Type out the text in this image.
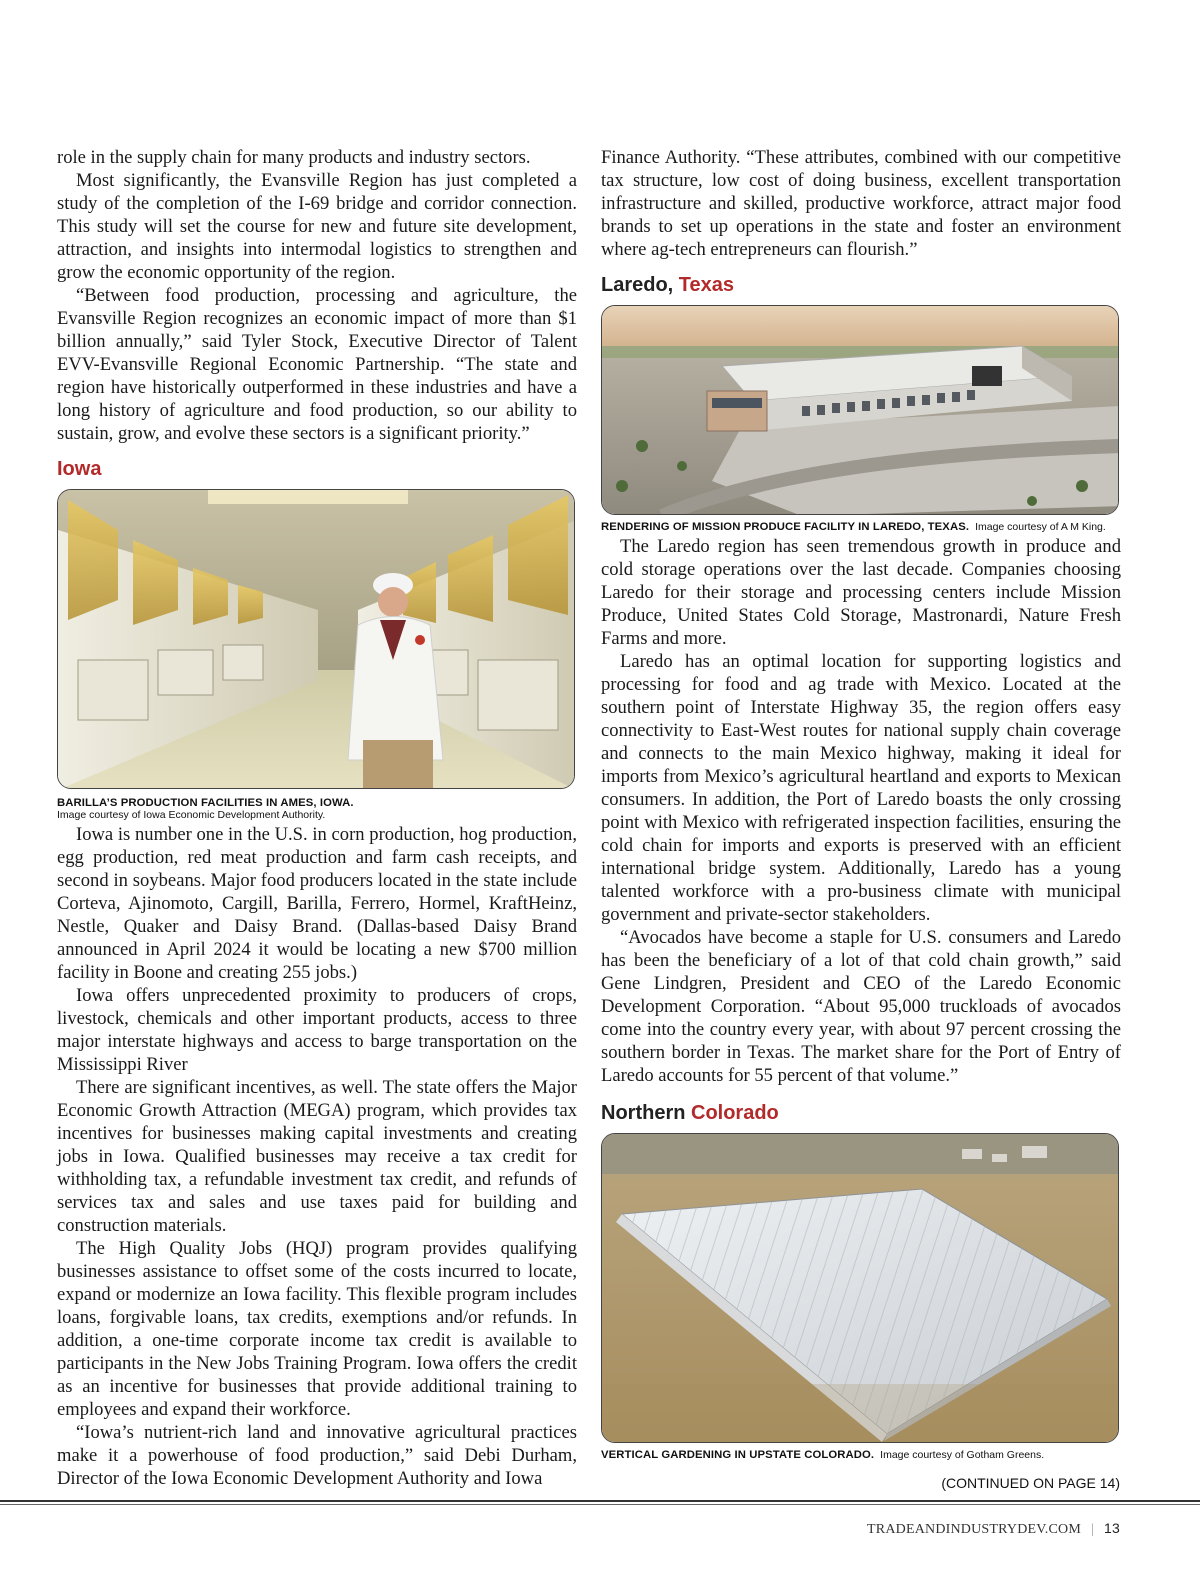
role in the supply chain for many products and industry sectors.

Most significantly, the Evansville Region has just completed a study of the completion of the I-69 bridge and corridor connection. This study will set the course for new and future site development, attraction, and insights into intermodal logistics to strengthen and grow the economic opportunity of the region.

“Between food production, processing and agriculture, the Evansville Region recognizes an economic impact of more than $1 billion annually,” said Tyler Stock, Executive Director of Talent EVV-Evansville Regional Economic Partnership. “The state and region have historically outperformed in these industries and have a long history of agriculture and food production, so our ability to sustain, grow, and evolve these sectors is a significant priority.”

Iowa
BARILLA’S PRODUCTION FACILITIES IN AMES, IOWA.
Image courtesy of Iowa Economic Development Authority.

Iowa is number one in the U.S. in corn production, hog production, egg production, red meat production and farm cash receipts, and second in soybeans. Major food producers located in the state include Corteva, Ajinomoto, Cargill, Barilla, Ferrero, Hormel, KraftHeinz, Nestle, Quaker and Daisy Brand. (Dallas-based Daisy Brand announced in April 2024 it would be locating a new $700 million facility in Boone and creating 255 jobs.)

Iowa offers unprecedented proximity to producers of crops, livestock, chemicals and other important products, access to three major interstate highways and access to barge transportation on the Mississippi River

There are significant incentives, as well. The state offers the Major Economic Growth Attraction (MEGA) program, which provides tax incentives for businesses making capital investments and creating jobs in Iowa. Qualified businesses may receive a tax credit for withholding tax, a refundable investment tax credit, and refunds of services tax and sales and use taxes paid for building and construction materials.

The High Quality Jobs (HQJ) program provides qualifying businesses assistance to offset some of the costs incurred to locate, expand or modernize an Iowa facility. This flexible program includes loans, forgivable loans, tax credits, exemptions and/or refunds. In addition, a one-time corporate income tax credit is available to participants in the New Jobs Training Program. Iowa offers the credit as an incentive for businesses that provide additional training to employees and expand their workforce.

“Iowa’s nutrient-rich land and innovative agricultural practices make it a powerhouse of food production,” said Debi Durham, Director of the Iowa Economic Development Authority and Iowa

Finance Authority. “These attributes, combined with our competitive tax structure, low cost of doing business, excellent transportation infrastructure and skilled, productive workforce, attract major food brands to set up operations in the state and foster an environment where ag-tech entrepreneurs can flourish.”

Laredo, Texas
RENDERING OF MISSION PRODUCE FACILITY IN LAREDO, TEXAS. Image courtesy of A M King.

The Laredo region has seen tremendous growth in produce and cold storage operations over the last decade. Companies choosing Laredo for their storage and processing centers include Mission Produce, United States Cold Storage, Mastronardi, Nature Fresh Farms and more.

Laredo has an optimal location for supporting logistics and processing for food and ag trade with Mexico. Located at the southern point of Interstate Highway 35, the region offers easy connectivity to East-West routes for national supply chain coverage and connects to the main Mexico highway, making it ideal for imports from Mexico’s agricultural heartland and exports to Mexican consumers. In addition, the Port of Laredo boasts the only crossing point with Mexico with refrigerated inspection facilities, ensuring the cold chain for imports and exports is preserved with an efficient international bridge system. Additionally, Laredo has a young talented workforce with a pro-business climate with municipal government and private-sector stakeholders.

“Avocados have become a staple for U.S. consumers and Laredo has been the beneficiary of a lot of that cold chain growth,” said Gene Lindgren, President and CEO of the Laredo Economic Development Corporation. “About 95,000 truckloads of avocados come into the country every year, with about 97 percent crossing the southern border in Texas. The market share for the Port of Entry of Laredo accounts for 55 percent of that volume.”

Northern Colorado
VERTICAL GARDENING IN UPSTATE COLORADO. Image courtesy of Gotham Greens.
(CONTINUED ON PAGE 14)
TRADEANDINDUSTRYDEV.COM | 13
